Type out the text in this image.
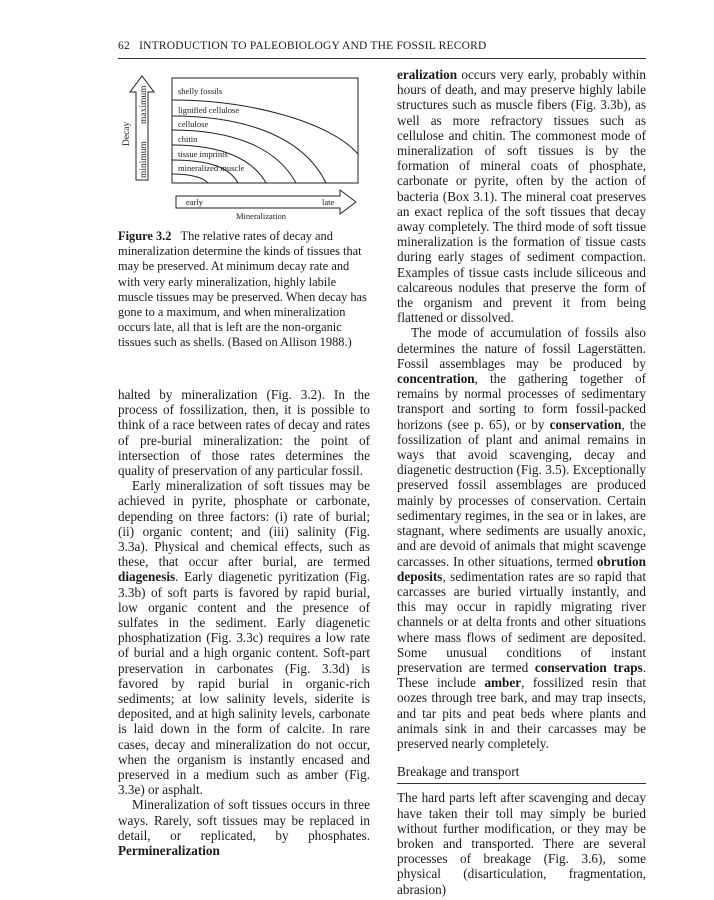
62 INTRODUCTION TO PALEOBIOLOGY AND THE FOSSIL RECORD
minimum
maximum
Decay
shelly fossils
lignified cellulose
cellulose
chitin
tissue imprints
mineralized muscle
early	late
Mineralization
Figure 3.2 The relative rates of decay and mineralization determine the kinds of tissues that may be preserved. At minimum decay rate and with very early mineralization, highly labile muscle tissues may be preserved. When decay has gone to a maximum, and when mineralization occurs late, all that is left are the non-organic tissues such as shells. (Based on Allison 1988.)

halted by mineralization (Fig. 3.2). In the process of fossilization, then, it is possible to think of a race between rates of decay and rates of pre-burial mineralization: the point of intersection of those rates determines the quality of preservation of any particular fossil.

Early mineralization of soft tissues may be achieved in pyrite, phosphate or carbonate, depending on three factors: (i) rate of burial; (ii) organic content; and (iii) salinity (Fig. 3.3a). Physical and chemical effects, such as these, that occur after burial, are termed diagenesis. Early diagenetic pyritization (Fig. 3.3b) of soft parts is favored by rapid burial, low organic content and the presence of sulfates in the sediment. Early diagenetic phosphatization (Fig. 3.3c) requires a low rate of burial and a high organic content. Soft-part preservation in carbonates (Fig. 3.3d) is favored by rapid burial in organic-rich sediments; at low salinity levels, siderite is deposited, and at high salinity levels, carbonate is laid down in the form of calcite. In rare cases, decay and mineralization do not occur, when the organism is instantly encased and preserved in a medium such as amber (Fig. 3.3e) or asphalt.

Mineralization of soft tissues occurs in three ways. Rarely, soft tissues may be replaced in detail, or replicated, by phosphates. Permineralization

eralization occurs very early, probably within hours of death, and may preserve highly labile structures such as muscle fibers (Fig. 3.3b), as well as more refractory tissues such as cellulose and chitin. The commonest mode of mineralization of soft tissues is by the formation of mineral coats of phosphate, carbonate or pyrite, often by the action of bacteria (Box 3.1). The mineral coat preserves an exact replica of the soft tissues that decay away completely. The third mode of soft tissue mineralization is the formation of tissue casts during early stages of sediment compaction. Examples of tissue casts include siliceous and calcareous nodules that preserve the form of the organism and prevent it from being flattened or dissolved.

The mode of accumulation of fossils also determines the nature of fossil Lagerstätten. Fossil assemblages may be produced by concentration, the gathering together of remains by normal processes of sedimentary transport and sorting to form fossil-packed horizons (see p. 65), or by conservation, the fossilization of plant and animal remains in ways that avoid scavenging, decay and diagenetic destruction (Fig. 3.5). Exceptionally preserved fossil assemblages are produced mainly by processes of conservation. Certain sedimentary regimes, in the sea or in lakes, are stagnant, where sediments are usually anoxic, and are devoid of animals that might scavenge carcasses. In other situations, termed obrution deposits, sedimentation rates are so rapid that carcasses are buried virtually instantly, and this may occur in rapidly migrating river channels or at delta fronts and other situations where mass flows of sediment are deposited. Some unusual conditions of instant preservation are termed conservation traps. These include amber, fossilized resin that oozes through tree bark, and may trap insects, and tar pits and peat beds where plants and animals sink in and their carcasses may be preserved nearly completely.

Breakage and transport

The hard parts left after scavenging and decay have taken their toll may simply be buried without further modification, or they may be broken and transported. There are several processes of breakage (Fig. 3.6), some physical (disarticulation, fragmentation, abrasion)
